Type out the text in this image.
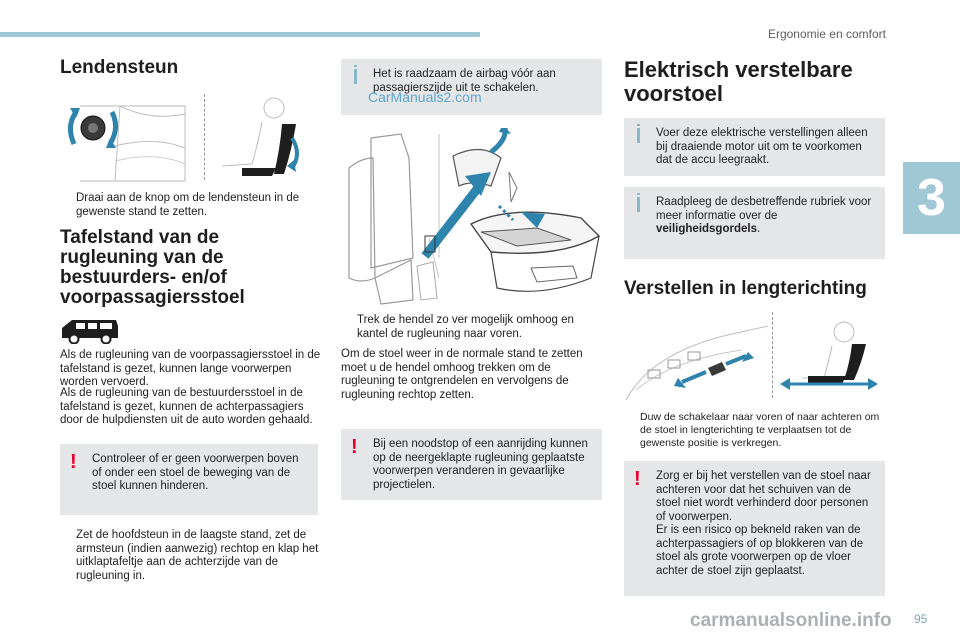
Ergonomie en comfort
3
95
Lendensteun
Draai aan de knop om de lendensteun in de gewenste stand te zetten.
Tafelstand van de rugleuning van de bestuurders- en/of voorpassagiersstoel
Als de rugleuning van de voorpassagiersstoel in de tafelstand is gezet, kunnen lange voorwerpen worden vervoerd.
Als de rugleuning van de bestuurdersstoel in de tafelstand is gezet, kunnen de achterpassagiers door de hulpdiensten uit de auto worden gehaald.
! Controleer of er geen voorwerpen boven of onder een stoel de beweging van de stoel kunnen hinderen.
Zet de hoofdsteun in de laagste stand, zet de armsteun (indien aanwezig) rechtop en klap het uitklaptafeltje aan de achterzijde van de rugleuning in.
Het is raadzaam de airbag vóór aan passagierszijde uit te schakelen.
CarManuals2.com
Trek de hendel zo ver mogelijk omhoog en kantel de rugleuning naar voren.
Om de stoel weer in de normale stand te zetten moet u de hendel omhoog trekken om de rugleuning te ontgrendelen en vervolgens de rugleuning rechtop zetten.
! Bij een noodstop of een aanrijding kunnen op de neergeklapte rugleuning geplaatste voorwerpen veranderen in gevaarlijke projectielen.
Elektrisch verstelbare voorstoel
Voer deze elektrische verstellingen alleen bij draaiende motor uit om te voorkomen dat de accu leegraakt.
Raadpleeg de desbetreffende rubriek voor meer informatie over de veiligheidsgordels.
Verstellen in lengterichting
Duw de schakelaar naar voren of naar achteren om de stoel in lengterichting te verplaatsen tot de gewenste positie is verkregen.
! Zorg er bij het verstellen van de stoel naar achteren voor dat het schuiven van de stoel niet wordt verhinderd door personen of voorwerpen.
Er is een risico op bekneld raken van de achterpassagiers of op blokkeren van de stoel als grote voorwerpen op de vloer achter de stoel zijn geplaatst.
carmanualsonline.info
